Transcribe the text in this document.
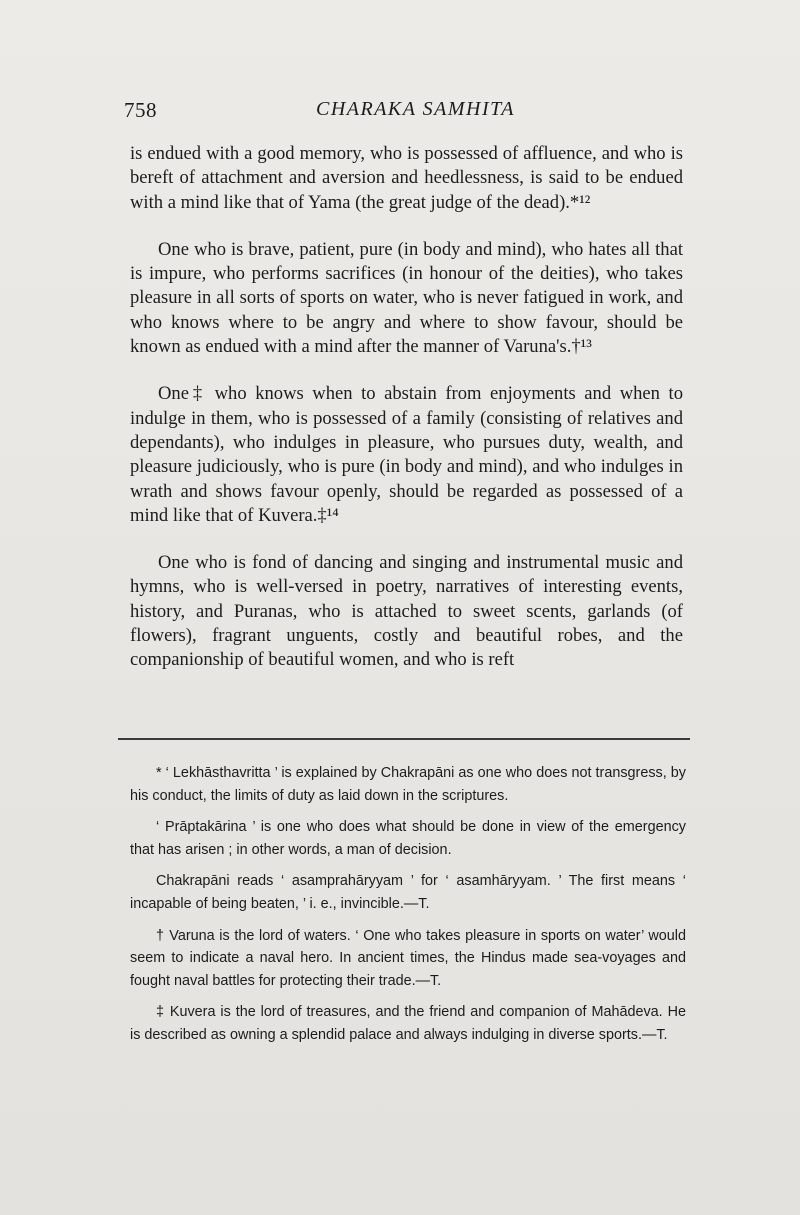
758	CHARAKA SAMHITA

is endued with a good memory, who is possessed of affluence, and who is bereft of attachment and aversion and heedlessness, is said to be endued with a mind like that of Yama (the great judge of the dead).*¹²

One who is brave, patient, pure (in body and mind), who hates all that is impure, who performs sacrifices (in honour of the deities), who takes pleasure in all sorts of sports on water, who is never fatigued in work, and who knows where to be angry and where to show favour, should be known as endued with a mind after the manner of Varuna's.†¹³

One‡ who knows when to abstain from enjoyments and when to indulge in them, who is possessed of a family (consisting of relatives and dependants), who indulges in pleasure, who pursues duty, wealth, and pleasure judiciously, who is pure (in body and mind), and who indulges in wrath and shows favour openly, should be regarded as possessed of a mind like that of Kuvera.‡¹⁴

One who is fond of dancing and singing and instrumental music and hymns, who is well-versed in poetry, narratives of interesting events, history, and Puranas, who is attached to sweet scents, garlands (of flowers), fragrant unguents, costly and beautiful robes, and the companionship of beautiful women, and who is reft

* ‘ Lekhāsthavritta ’ is explained by Chakrapāni as one who does not transgress, by his conduct, the limits of duty as laid down in the scriptures.

‘ Prāptakārina ’ is one who does what should be done in view of the emergency that has arisen ; in other words, a man of decision.

Chakrapāni reads ‘ asamprahāryyam ’ for ‘ asamhāryyam. ’ The first means ‘ incapable of being beaten, ’ i. e., invincible.—T.

† Varuna is the lord of waters. ‘ One who takes pleasure in sports on water’ would seem to indicate a naval hero. In ancient times, the Hindus made sea-voyages and fought naval battles for protecting their trade.—T.

‡ Kuvera is the lord of treasures, and the friend and companion of Mahādeva. He is described as owning a splendid palace and always indulging in diverse sports.—T.
